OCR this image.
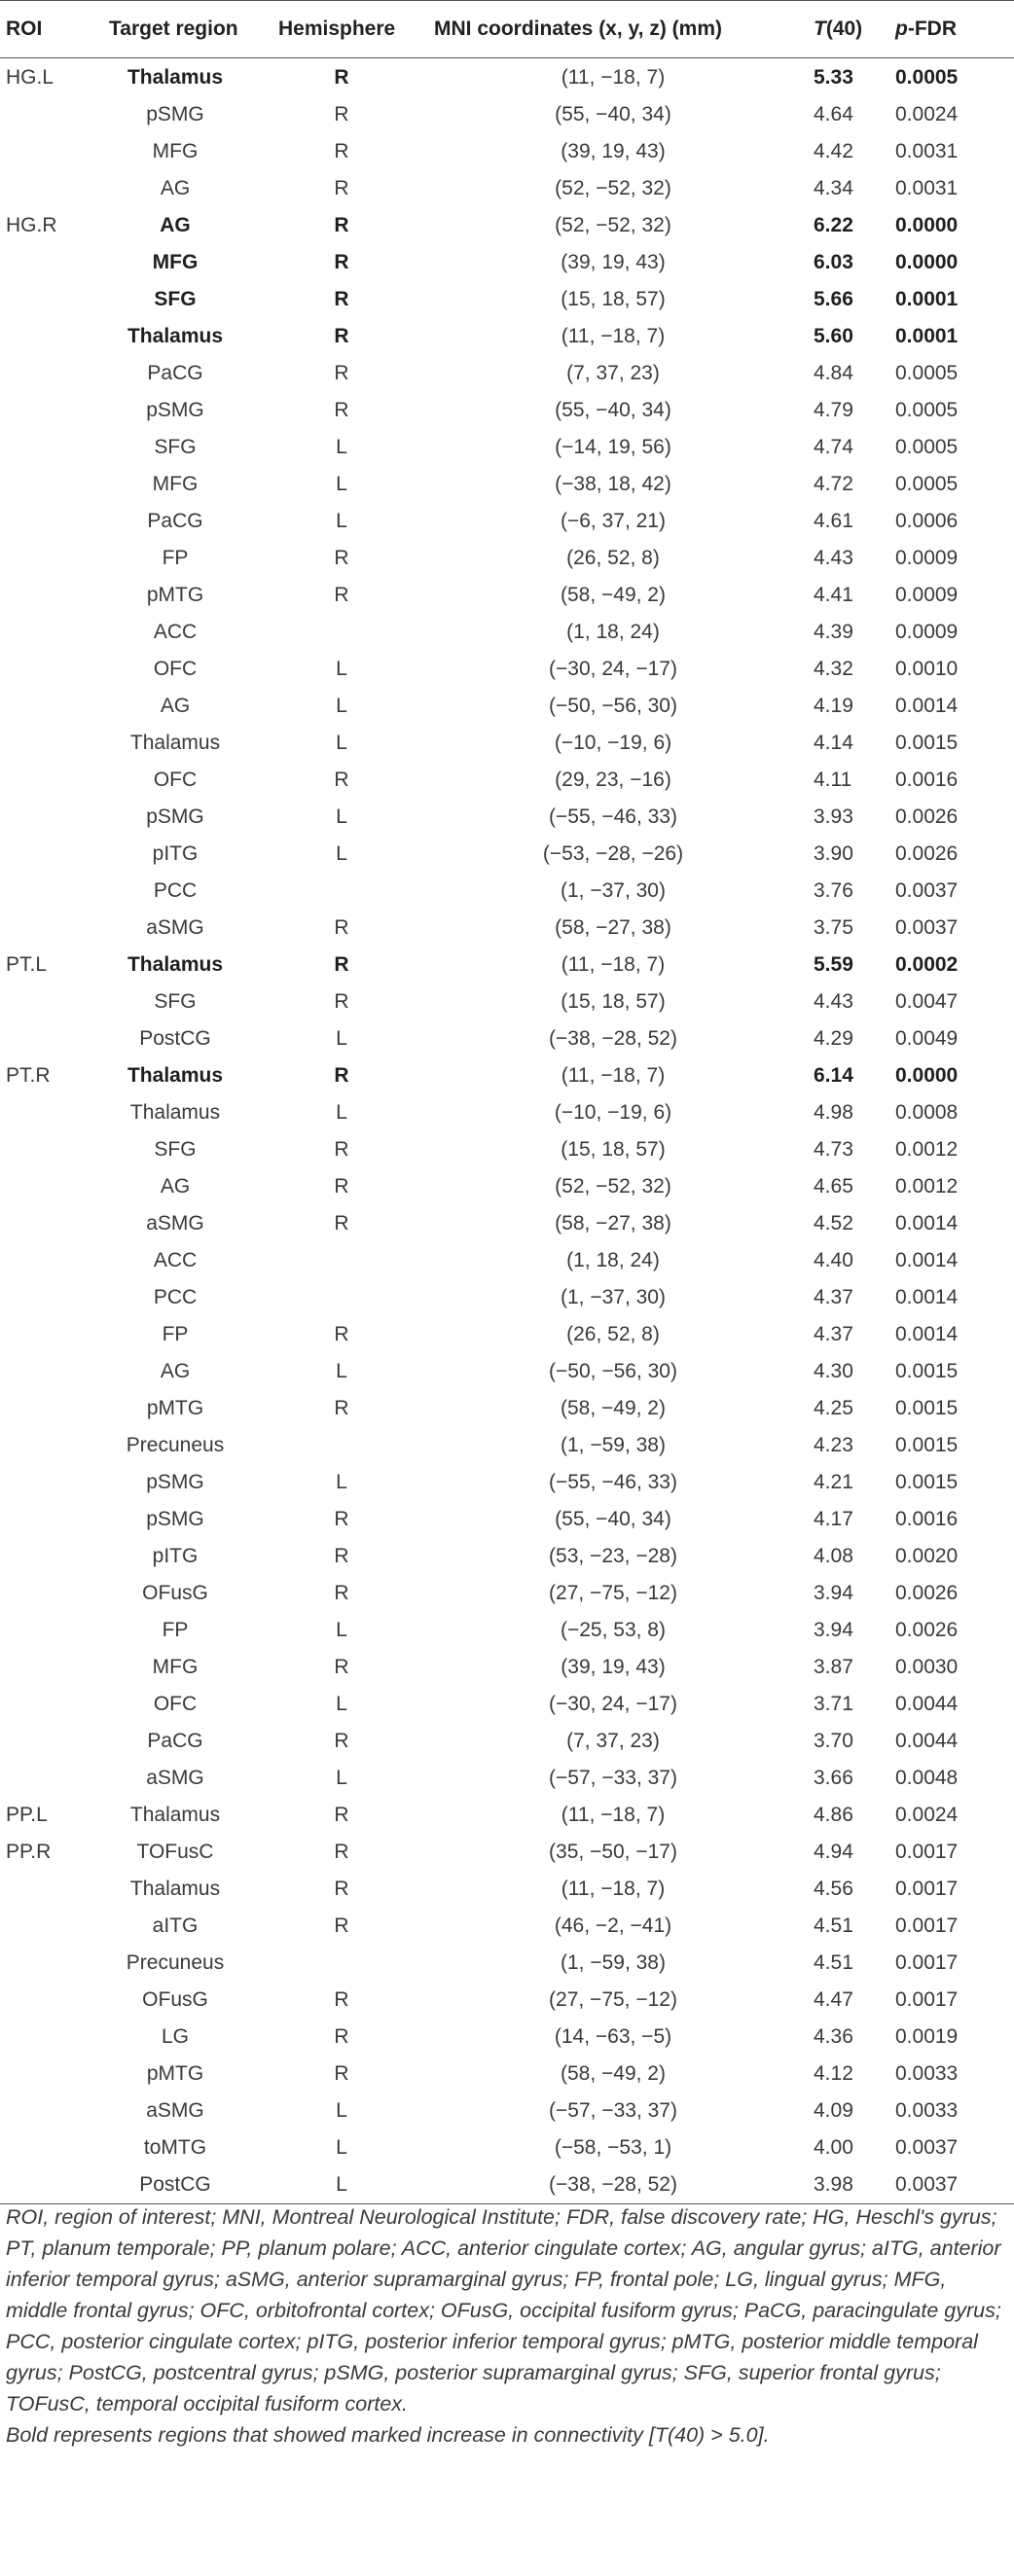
ROI	Target region	Hemisphere	MNI coordinates (x, y, z) (mm)	T(40)	p-FDR
HG.L	Thalamus	R	(11, −18, 7)	5.33	0.0005
	pSMG	R	(55, −40, 34)	4.64	0.0024
	MFG	R	(39, 19, 43)	4.42	0.0031
	AG	R	(52, −52, 32)	4.34	0.0031
HG.R	AG	R	(52, −52, 32)	6.22	0.0000
	MFG	R	(39, 19, 43)	6.03	0.0000
	SFG	R	(15, 18, 57)	5.66	0.0001
	Thalamus	R	(11, −18, 7)	5.60	0.0001
	PaCG	R	(7, 37, 23)	4.84	0.0005
	pSMG	R	(55, −40, 34)	4.79	0.0005
	SFG	L	(−14, 19, 56)	4.74	0.0005
	MFG	L	(−38, 18, 42)	4.72	0.0005
	PaCG	L	(−6, 37, 21)	4.61	0.0006
	FP	R	(26, 52, 8)	4.43	0.0009
	pMTG	R	(58, −49, 2)	4.41	0.0009
	ACC		(1, 18, 24)	4.39	0.0009
	OFC	L	(−30, 24, −17)	4.32	0.0010
	AG	L	(−50, −56, 30)	4.19	0.0014
	Thalamus	L	(−10, −19, 6)	4.14	0.0015
	OFC	R	(29, 23, −16)	4.11	0.0016
	pSMG	L	(−55, −46, 33)	3.93	0.0026
	pITG	L	(−53, −28, −26)	3.90	0.0026
	PCC		(1, −37, 30)	3.76	0.0037
	aSMG	R	(58, −27, 38)	3.75	0.0037
PT.L	Thalamus	R	(11, −18, 7)	5.59	0.0002
	SFG	R	(15, 18, 57)	4.43	0.0047
	PostCG	L	(−38, −28, 52)	4.29	0.0049
PT.R	Thalamus	R	(11, −18, 7)	6.14	0.0000
	Thalamus	L	(−10, −19, 6)	4.98	0.0008
	SFG	R	(15, 18, 57)	4.73	0.0012
	AG	R	(52, −52, 32)	4.65	0.0012
	aSMG	R	(58, −27, 38)	4.52	0.0014
	ACC		(1, 18, 24)	4.40	0.0014
	PCC		(1, −37, 30)	4.37	0.0014
	FP	R	(26, 52, 8)	4.37	0.0014
	AG	L	(−50, −56, 30)	4.30	0.0015
	pMTG	R	(58, −49, 2)	4.25	0.0015
	Precuneus		(1, −59, 38)	4.23	0.0015
	pSMG	L	(−55, −46, 33)	4.21	0.0015
	pSMG	R	(55, −40, 34)	4.17	0.0016
	pITG	R	(53, −23, −28)	4.08	0.0020
	OFusG	R	(27, −75, −12)	3.94	0.0026
	FP	L	(−25, 53, 8)	3.94	0.0026
	MFG	R	(39, 19, 43)	3.87	0.0030
	OFC	L	(−30, 24, −17)	3.71	0.0044
	PaCG	R	(7, 37, 23)	3.70	0.0044
	aSMG	L	(−57, −33, 37)	3.66	0.0048
PP.L	Thalamus	R	(11, −18, 7)	4.86	0.0024
PP.R	TOFusC	R	(35, −50, −17)	4.94	0.0017
	Thalamus	R	(11, −18, 7)	4.56	0.0017
	aITG	R	(46, −2, −41)	4.51	0.0017
	Precuneus		(1, −59, 38)	4.51	0.0017
	OFusG	R	(27, −75, −12)	4.47	0.0017
	LG	R	(14, −63, −5)	4.36	0.0019
	pMTG	R	(58, −49, 2)	4.12	0.0033
	aSMG	L	(−57, −33, 37)	4.09	0.0033
	toMTG	L	(−58, −53, 1)	4.00	0.0037
	PostCG	L	(−38, −28, 52)	3.98	0.0037

ROI, region of interest; MNI, Montreal Neurological Institute; FDR, false discovery rate; HG, Heschl's gyrus; PT, planum temporale; PP, planum polare; ACC, anterior cingulate cortex; AG, angular gyrus; aITG, anterior inferior temporal gyrus; aSMG, anterior supramarginal gyrus; FP, frontal pole; LG, lingual gyrus; MFG, middle frontal gyrus; OFC, orbitofrontal cortex; OFusG, occipital fusiform gyrus; PaCG, paracingulate gyrus; PCC, posterior cingulate cortex; pITG, posterior inferior temporal gyrus; pMTG, posterior middle temporal gyrus; PostCG, postcentral gyrus; pSMG, posterior supramarginal gyrus; SFG, superior frontal gyrus; TOFusC, temporal occipital fusiform cortex.

Bold represents regions that showed marked increase in connectivity [T(40) > 5.0].
